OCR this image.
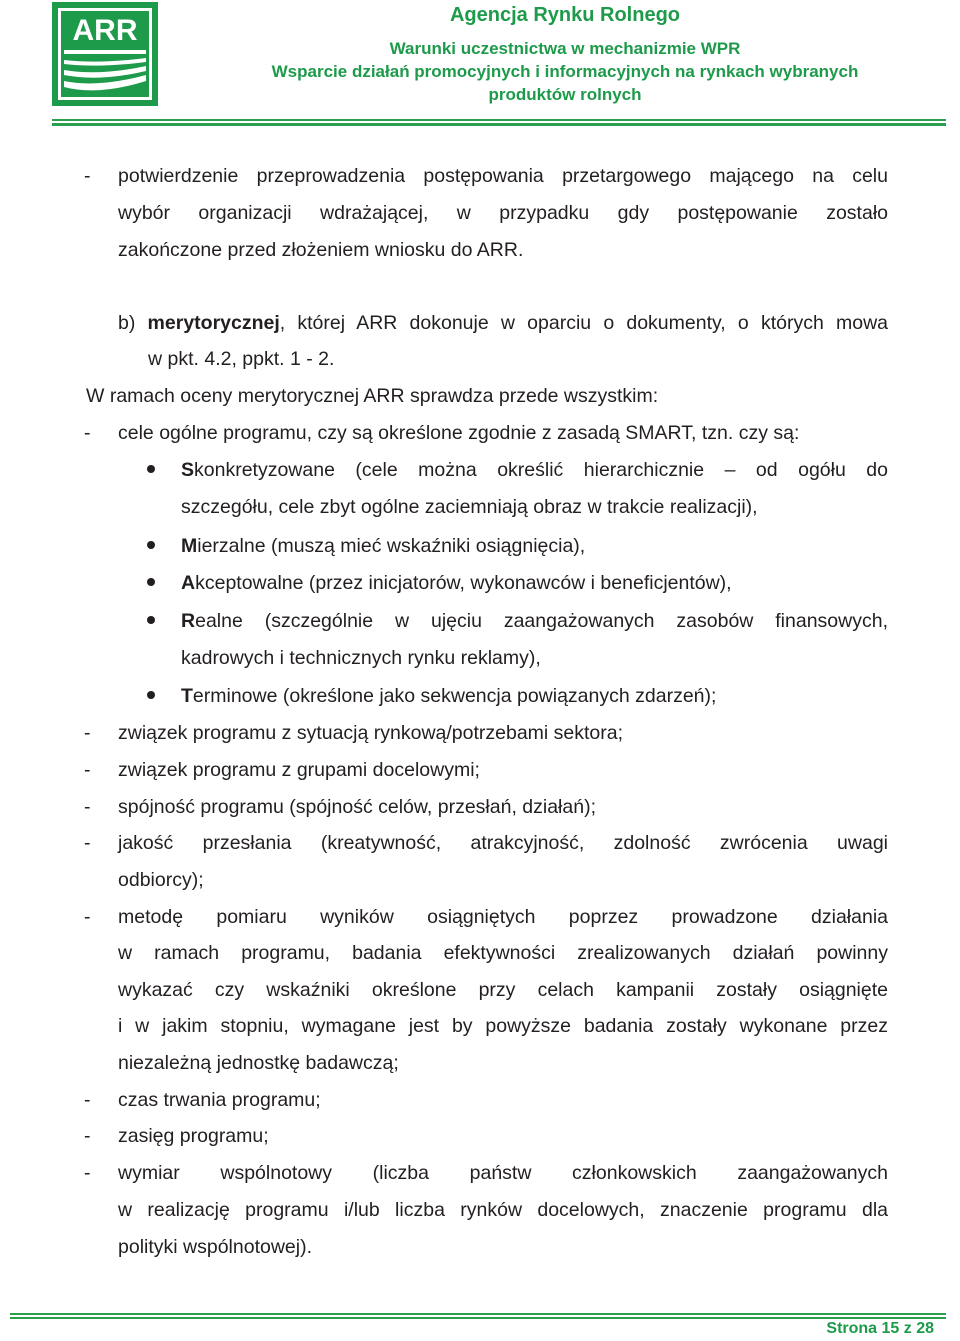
ARR	Agencja Rynku Rolnego
Warunki uczestnictwa w mechanizmie WPR
Wsparcie działań promocyjnych i informacyjnych na rynkach wybranych
produktów rolnych
- potwierdzenie przeprowadzenia postępowania przetargowego mającego na celu
wybór organizacji wdrażającej, w przypadku gdy postępowanie zostało
zakończone przed złożeniem wniosku do ARR.
b) merytorycznej, której ARR dokonuje w oparciu o dokumenty, o których mowa
w pkt. 4.2, ppkt. 1 - 2.
W ramach oceny merytorycznej ARR sprawdza przede wszystkim:
- cele ogólne programu, czy są określone zgodnie z zasadą SMART, tzn. czy są:
Skonkretyzowane (cele można określić hierarchicznie – od ogółu do
szczegółu, cele zbyt ogólne zaciemniają obraz w trakcie realizacji),
Mierzalne (muszą mieć wskaźniki osiągnięcia),
Akceptowalne (przez inicjatorów, wykonawców i beneficjentów),
Realne (szczególnie w ujęciu zaangażowanych zasobów finansowych,
kadrowych i technicznych rynku reklamy),
Terminowe (określone jako sekwencja powiązanych zdarzeń);
- związek programu z sytuacją rynkową/potrzebami sektora;
- związek programu z grupami docelowymi;
- spójność programu (spójność celów, przesłań, działań);
- jakość przesłania (kreatywność, atrakcyjność, zdolność zwrócenia uwagi
odbiorcy);
- metodę pomiaru wyników osiągniętych poprzez prowadzone działania
w ramach programu, badania efektywności zrealizowanych działań powinny
wykazać czy wskaźniki określone przy celach kampanii zostały osiągnięte
i w jakim stopniu, wymagane jest by powyższe badania zostały wykonane przez
niezależną jednostkę badawczą;
- czas trwania programu;
- zasięg programu;
- wymiar wspólnotowy (liczba państw członkowskich zaangażowanych
w realizację programu i/lub liczba rynków docelowych, znaczenie programu dla
polityki wspólnotowej).
Strona 15 z 28
